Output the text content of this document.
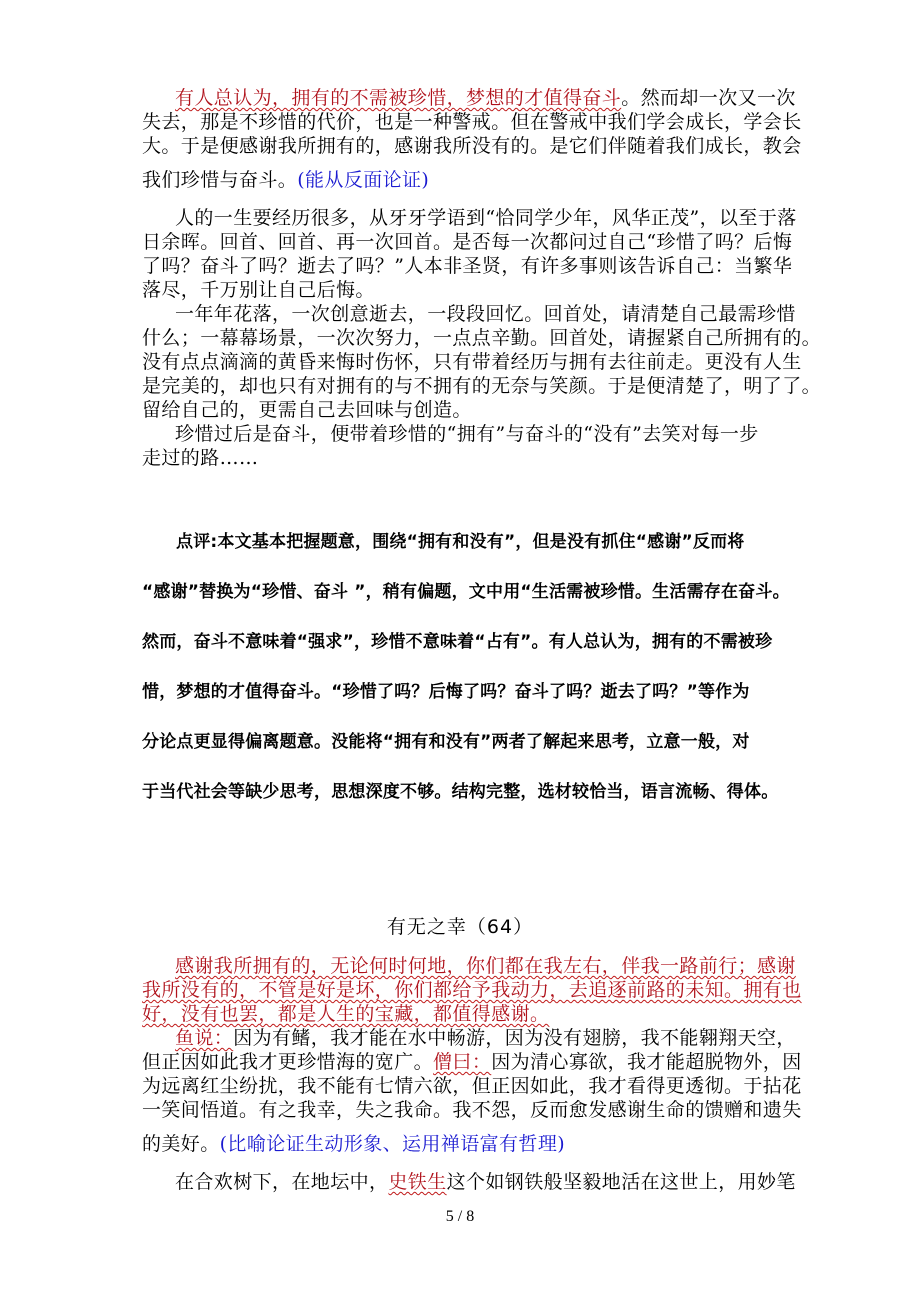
有人总认为，拥有的不需被珍惜，梦想的才值得奋斗。然而却一次又一次
失去，那是不珍惜的代价，也是一种警戒。但在警戒中我们学会成长，学会长
大。于是便感谢我所拥有的，感谢我所没有的。是它们伴随着我们成长，教会
我们珍惜与奋斗。(能从反面论证)
人的一生要经历很多，从牙牙学语到“恰同学少年，风华正茂”，以至于落
日余晖。回首、回首、再一次回首。是否每一次都问过自己“珍惜了吗？后悔
了吗？奋斗了吗？逝去了吗？”人本非圣贤，有许多事则该告诉自己：当繁华
落尽，千万别让自己后悔。
一年年花落，一次创意逝去，一段段回忆。回首处，请清楚自己最需珍惜
什么；一幕幕场景，一次次努力，一点点辛勤。回首处，请握紧自己所拥有的。
没有点点滴滴的黄昏来悔时伤怀，只有带着经历与拥有去往前走。更没有人生
是完美的，却也只有对拥有的与不拥有的无奈与笑颜。于是便清楚了，明了了。
留给自己的，更需自己去回味与创造。
珍惜过后是奋斗，便带着珍惜的“拥有”与奋斗的“没有”去笑对每一步
走过的路……
点评:本文基本把握题意，围绕“拥有和没有”，但是没有抓住“感谢”反而将
“感谢”替换为“珍惜、奋斗 ”，稍有偏题，文中用“生活需被珍惜。生活需存在奋斗。
然而，奋斗不意味着“强求”，珍惜不意味着“占有”。有人总认为，拥有的不需被珍
惜，梦想的才值得奋斗。“珍惜了吗？后悔了吗？奋斗了吗？逝去了吗？”等作为
分论点更显得偏离题意。没能将“拥有和没有”两者了解起来思考，立意一般，对
于当代社会等缺少思考，思想深度不够。结构完整，选材较恰当，语言流畅、得体。
有无之幸（64）
感谢我所拥有的，无论何时何地，你们都在我左右，伴我一路前行；感谢
我所没有的，不管是好是坏，你们都给予我动力，去追逐前路的未知。拥有也
好，没有也罢，都是人生的宝藏，都值得感谢。
鱼说：因为有鳍，我才能在水中畅游，因为没有翅膀，我不能翱翔天空，
但正因如此我才更珍惜海的宽广。僧曰：因为清心寡欲，我才能超脱物外，因
为远离红尘纷扰，我不能有七情六欲，但正因如此，我才看得更透彻。于拈花
一笑间悟道。有之我幸，失之我命。我不怨，反而愈发感谢生命的馈赠和遗失
的美好。(比喻论证生动形象、运用禅语富有哲理)
在合欢树下，在地坛中，史铁生这个如钢铁般坚毅地活在这世上，用妙笔
5 / 8
